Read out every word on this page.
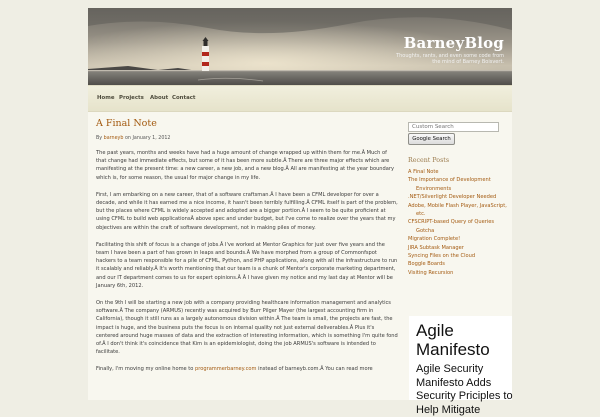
BarneyBlog
Thoughts, rants, and even some code from the mind of Barney Boisvert.
Home Projects About Contact
A Final Note
By barneyb on January 1, 2012

The past years, months and weeks have had a huge amount of change wrapped up within them for me.Â Much of that change had immediate effects, but some of it has been more subtle.Â There are three major effects which are manifesting at the present time: a new career, a new job, and a new blog.Â All are manifesting at the year boundary which is, for some reason, the usual for major change in my life.

First, I am embarking on a new career, that of a software craftsman.Â I have been a CFML developer for over a decade, and while it has earned me a nice income, it hasn't been terribly fulfilling.Â CFML itself is part of the problem, but the places where CFML is widely accepted and adopted are a bigger portion.Â I seem to be quite proficient at using CFML to build web applicationsÂ above spec and under budget, but I've come to realize over the years that my objectives are within the craft of software development, not in making piles of money.

Facilitating this shift of focus is a change of jobs.Â I've worked at Mentor Graphics for just over five years and the team I have been a part of has grown in leaps and bounds.Â We have morphed from a group of Commonfspot hackers to a team responsible for a pile of CFML, Python, and PHP applications, along with all the infrastructure to run it scalably and reliably.Â It's worth mentioning that our team is a chunk of Mentor's corporate marketing department, and our IT department comes to us for expert opinions.Â Â I have given my notice and my last day at Mentor will be January 6th, 2012.

On the 9th I will be starting a new job with a company providing healthcare information management and analytics software.Â The company (ARMUS) recently was acquired by Burr Pilger Mayer (the largest accounting firm in California), though it still runs as a largely autonomous division within.Â The team is small, the projects are fast, the impact is huge, and the business puts the focus is on internal quality not just external deliverables.Â Plus it's centered around huge masses of data and the extraction of interesting information, which is something I'm quite fond of.Â I don't think it's coincidence that Kim is an epidemiologist, doing the job ARMUS's software is intended to facilitate.

Finally, I'm moving my online home to programmerbarney.com instead of barneyb.com.Â You can read more

Custom Search
Google Search
Recent Posts
A Final Note
The Importance of Development Environments
.NET/Silverlight Developer Needed
Adobe, Mobile Flash Player, JavaScript, etc.
CFSCRIPT-based Query of Queries Gotcha
Migration Complete!
JIRA Subtask Manager
Syncing Files on the Cloud
Boggle Boards
Visiting Recursion
Agile Manifesto
Agile Security Manifesto Adds Security Priciples to Help Mitigate
